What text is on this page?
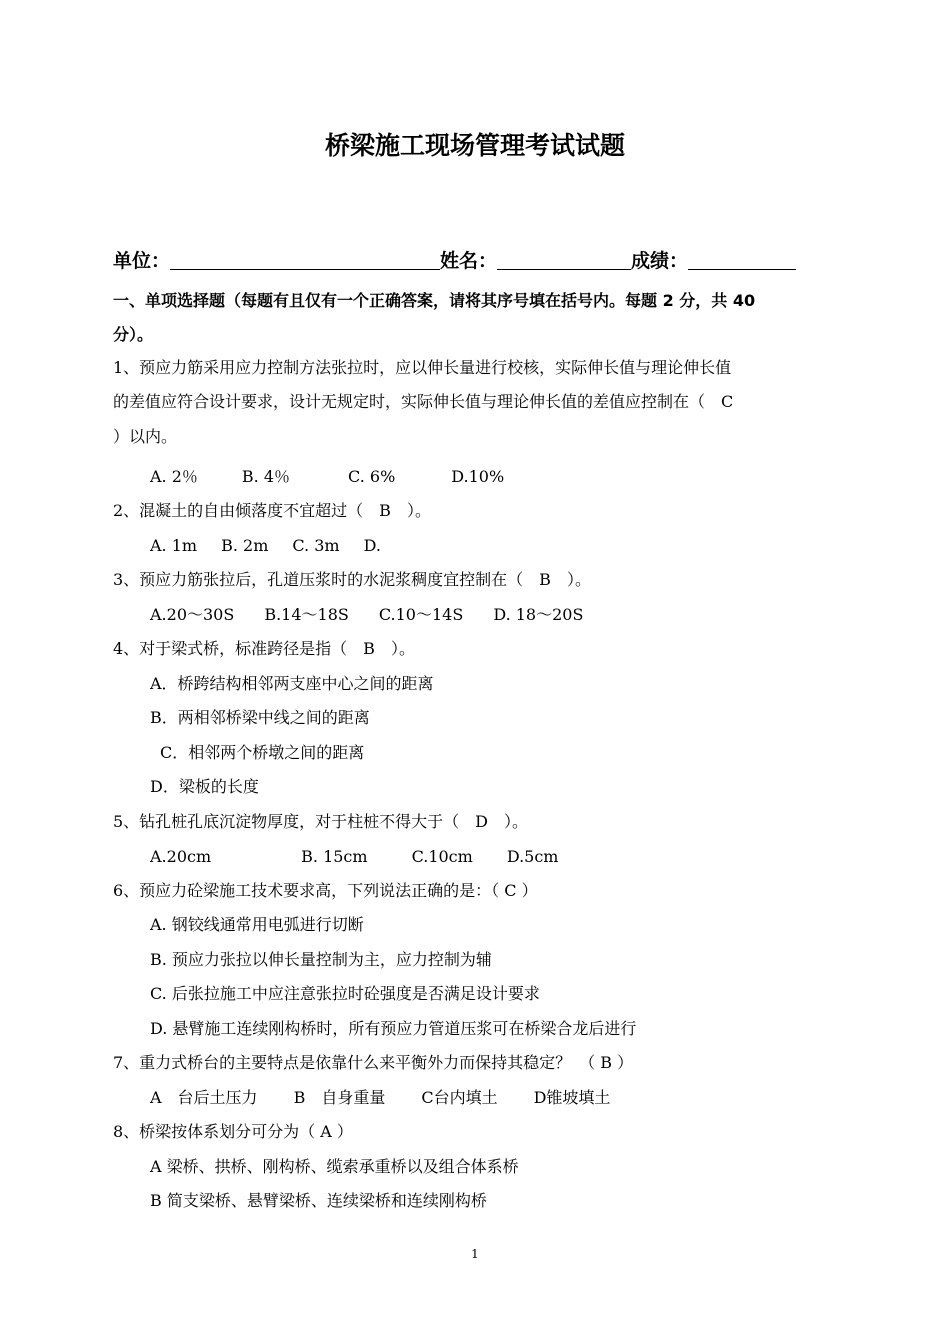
桥梁施工现场管理考试试题
单位：	姓名：	成绩：
一、单项选择题（每题有且仅有一个正确答案，请将其序号填在括号内。每题 2 分，共 40
分）。
1、预应力筋采用应力控制方法张拉时，应以伸长量进行校核，实际伸长值与理论伸长值
的差值应符合设计要求，设计无规定时，实际伸长值与理论伸长值的差值应控制在（　C
）以内。
A. 2％	B. 4％	C. 6%	D.10%
2、混凝土的自由倾落度不宜超过（　B　）。
A. 1m B. 2m C. 3m D.
3、预应力筋张拉后，孔道压浆时的水泥浆稠度宜控制在（　B　）。
A.20～30S B.14～18S C.10～14S D. 18～20S
4、对于梁式桥，标准跨径是指（　B　）。
A．桥跨结构相邻两支座中心之间的距离
B．两相邻桥梁中线之间的距离
C．相邻两个桥墩之间的距离
D．梁板的长度
5、钻孔桩孔底沉淀物厚度，对于柱桩不得大于（　D　）。
A.20cm	B. 15cm	C.10cm D.5cm
6、预应力砼梁施工技术要求高，下列说法正确的是：（ C ）
A. 钢铰线通常用电弧进行切断
B. 预应力张拉以伸长量控制为主，应力控制为辅
C. 后张拉施工中应注意张拉时砼强度是否满足设计要求
D. 悬臂施工连续刚构桥时，所有预应力管道压浆可在桥梁合龙后进行
7、重力式桥台的主要特点是依靠什么来平衡外力而保持其稳定？　（ B ）
A　台后土压力 B　自身重量 C台内填土 D锥坡填土
8、桥梁按体系划分可分为（ A ）
A 梁桥、拱桥、刚构桥、缆索承重桥以及组合体系桥
B 简支梁桥、悬臂梁桥、连续梁桥和连续刚构桥
1
